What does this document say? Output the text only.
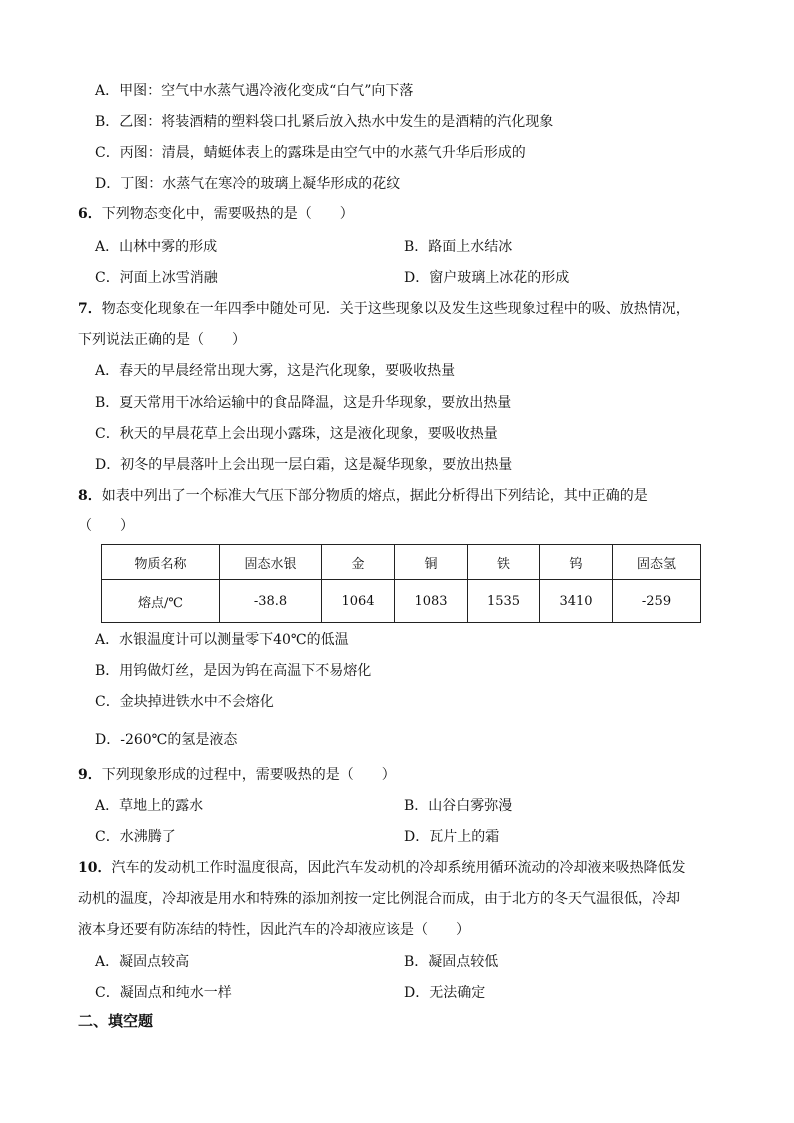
A．甲图：空气中水蒸气遇冷液化变成“白气”向下落
B．乙图：将装酒精的塑料袋口扎紧后放入热水中发生的是酒精的汽化现象
C．丙图：清晨，蜻蜓体表上的露珠是由空气中的水蒸气升华后形成的
D．丁图：水蒸气在寒冷的玻璃上凝华形成的花纹
6．下列物态变化中，需要吸热的是（　　）
A．山林中雾的形成	B．路面上水结冰
C．河面上冰雪消融	D．窗户玻璃上冰花的形成
7．物态变化现象在一年四季中随处可见．关于这些现象以及发生这些现象过程中的吸、放热情况，
下列说法正确的是（　　）
A．春天的早晨经常出现大雾，这是汽化现象，要吸收热量
B．夏天常用干冰给运输中的食品降温，这是升华现象，要放出热量
C．秋天的早晨花草上会出现小露珠，这是液化现象，要吸收热量
D．初冬的早晨落叶上会出现一层白霜，这是凝华现象，要放出热量
8．如表中列出了一个标准大气压下部分物质的熔点，据此分析得出下列结论，其中正确的是
（　　）
物质名称	固态水银	金	铜	铁	钨	固态氢
熔点/℃	-38.8	1064	1083	1535	3410	-259
A．水银温度计可以测量零下40℃的低温
B．用钨做灯丝，是因为钨在高温下不易熔化
C．金块掉进铁水中不会熔化
D．-260℃的氢是液态
9．下列现象形成的过程中，需要吸热的是（　　）
A．草地上的露水	B．山谷白雾弥漫
C．水沸腾了	D．瓦片上的霜
10．汽车的发动机工作时温度很高，因此汽车发动机的冷却系统用循环流动的冷却液来吸热降低发
动机的温度，冷却液是用水和特殊的添加剂按一定比例混合而成，由于北方的冬天气温很低，冷却
液本身还要有防冻结的特性，因此汽车的冷却液应该是（　　）
A．凝固点较高	B．凝固点较低
C．凝固点和纯水一样	D．无法确定
二、填空题
